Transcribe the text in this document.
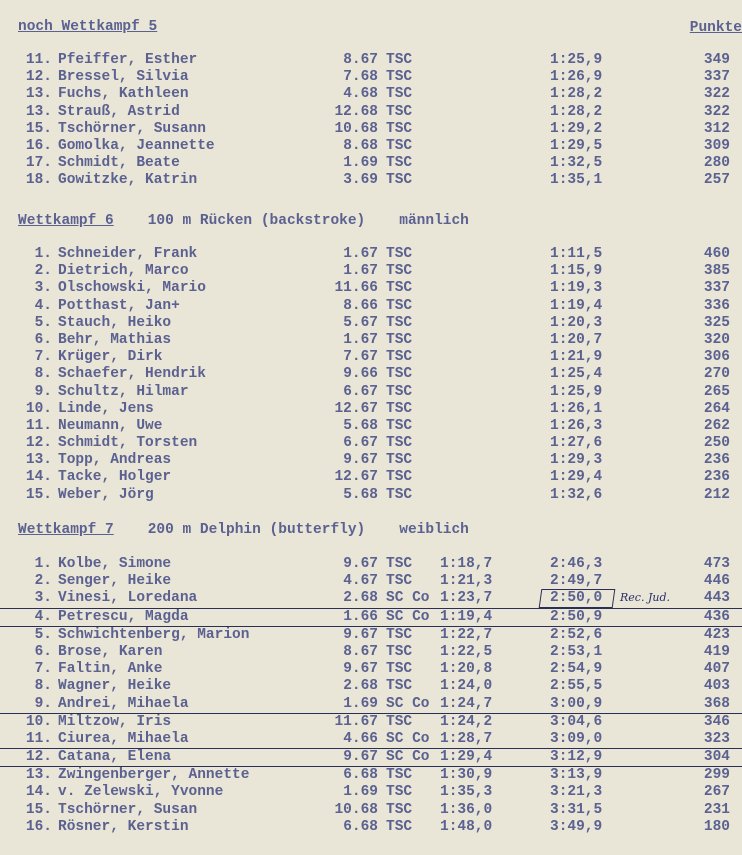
Punkte
noch Wettkampf 5
11. Pfeiffer, Esther	8.67 TSC	1:25,9	349
12. Bressel, Silvia	7.68 TSC	1:26,9	337
13. Fuchs, Kathleen	4.68 TSC	1:28,2	322
13. Strauß, Astrid	12.68 TSC	1:28,2	322
15. Tschörner, Susann	10.68 TSC	1:29,2	312
16. Gomolka, Jeannette	8.68 TSC	1:29,5	309
17. Schmidt, Beate	1.69 TSC	1:32,5	280
18. Gowitzke, Katrin	3.69 TSC	1:35,1	257
Wettkampf 6 100 m Rücken (backstroke) männlich
1. Schneider, Frank	1.67 TSC	1:11,5	460
2. Dietrich, Marco	1.67 TSC	1:15,9	385
3. Olschowski, Mario	11.66 TSC	1:19,3	337
4. Potthast, Jan+	8.66 TSC	1:19,4	336
5. Stauch, Heiko	5.67 TSC	1:20,3	325
6. Behr, Mathias	1.67 TSC	1:20,7	320
7. Krüger, Dirk	7.67 TSC	1:21,9	306
8. Schaefer, Hendrik	9.66 TSC	1:25,4	270
9. Schultz, Hilmar	6.67 TSC	1:25,9	265
10. Linde, Jens	12.67 TSC	1:26,1	264
11. Neumann, Uwe	5.68 TSC	1:26,3	262
12. Schmidt, Torsten	6.67 TSC	1:27,6	250
13. Topp, Andreas	9.67 TSC	1:29,3	236
14. Tacke, Holger	12.67 TSC	1:29,4	236
15. Weber, Jörg	5.68 TSC	1:32,6	212
Wettkampf 7 200 m Delphin (butterfly) weiblich
1. Kolbe, Simone	9.67 TSC 1:18,7	2:46,3	473
2. Senger, Heike	4.67 TSC 1:21,3	2:49,7	446
3. Vinesi, Loredana	2.68 SC Co 1:23,7	2:50,0	443
4. Petrescu, Magda	1.66 SC Co 1:19,4	2:50,9	436
5. Schwichtenberg, Marion	9.67 TSC 1:22,7	2:52,6	423
6. Brose, Karen	8.67 TSC 1:22,5	2:53,1	419
7. Faltin, Anke	9.67 TSC 1:20,8	2:54,9	407
8. Wagner, Heike	2.68 TSC 1:24,0	2:55,5	403
9. Andrei, Mihaela	1.69 SC Co 1:24,7	3:00,9	368
10. Miltzow, Iris	11.67 TSC 1:24,2	3:04,6	346
11. Ciurea, Mihaela	4.66 SC Co 1:28,7	3:09,0	323
12. Catana, Elena	9.67 SC Co 1:29,4	3:12,9	304
13. Zwingenberger, Annette	6.68 TSC 1:30,9	3:13,9	299
14. v. Zelewski, Yvonne	1.69 TSC 1:35,3	3:21,3	267
15. Tschörner, Susan	10.68 TSC 1:36,0	3:31,5	231
16. Rösner, Kerstin	6.68 TSC 1:48,0	3:49,9	180
Rec. Jud.
